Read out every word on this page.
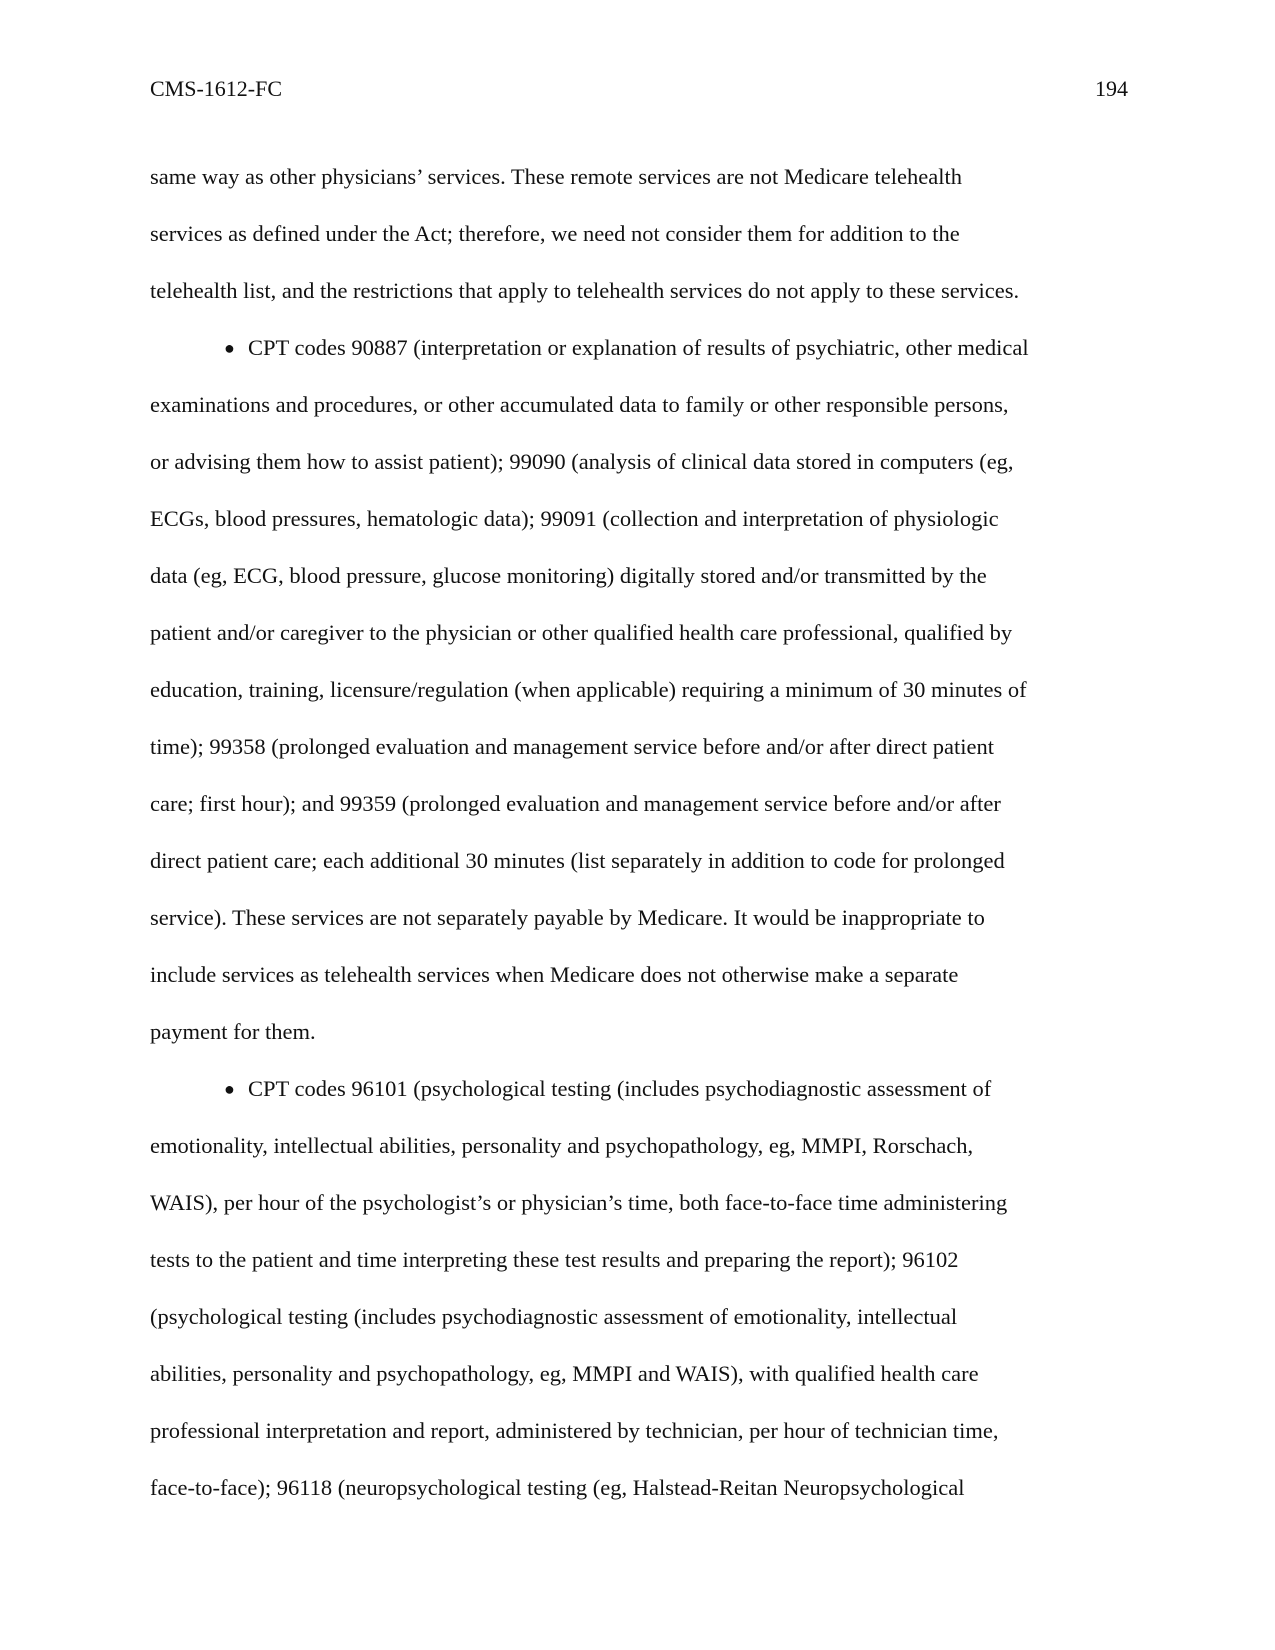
CMS-1612-FC	194
same way as other physicians’ services. These remote services are not Medicare telehealth
services as defined under the Act; therefore, we need not consider them for addition to the
telehealth list, and the restrictions that apply to telehealth services do not apply to these services.
● CPT codes 90887 (interpretation or explanation of results of psychiatric, other medical
examinations and procedures, or other accumulated data to family or other responsible persons,
or advising them how to assist patient); 99090 (analysis of clinical data stored in computers (eg,
ECGs, blood pressures, hematologic data); 99091 (collection and interpretation of physiologic
data (eg, ECG, blood pressure, glucose monitoring) digitally stored and/or transmitted by the
patient and/or caregiver to the physician or other qualified health care professional, qualified by
education, training, licensure/regulation (when applicable) requiring a minimum of 30 minutes of
time); 99358 (prolonged evaluation and management service before and/or after direct patient
care; first hour); and 99359 (prolonged evaluation and management service before and/or after
direct patient care; each additional 30 minutes (list separately in addition to code for prolonged
service). These services are not separately payable by Medicare. It would be inappropriate to
include services as telehealth services when Medicare does not otherwise make a separate
payment for them.
● CPT codes 96101 (psychological testing (includes psychodiagnostic assessment of
emotionality, intellectual abilities, personality and psychopathology, eg, MMPI, Rorschach,
WAIS), per hour of the psychologist’s or physician’s time, both face-to-face time administering
tests to the patient and time interpreting these test results and preparing the report); 96102
(psychological testing (includes psychodiagnostic assessment of emotionality, intellectual
abilities, personality and psychopathology, eg, MMPI and WAIS), with qualified health care
professional interpretation and report, administered by technician, per hour of technician time,
face-to-face); 96118 (neuropsychological testing (eg, Halstead-Reitan Neuropsychological
